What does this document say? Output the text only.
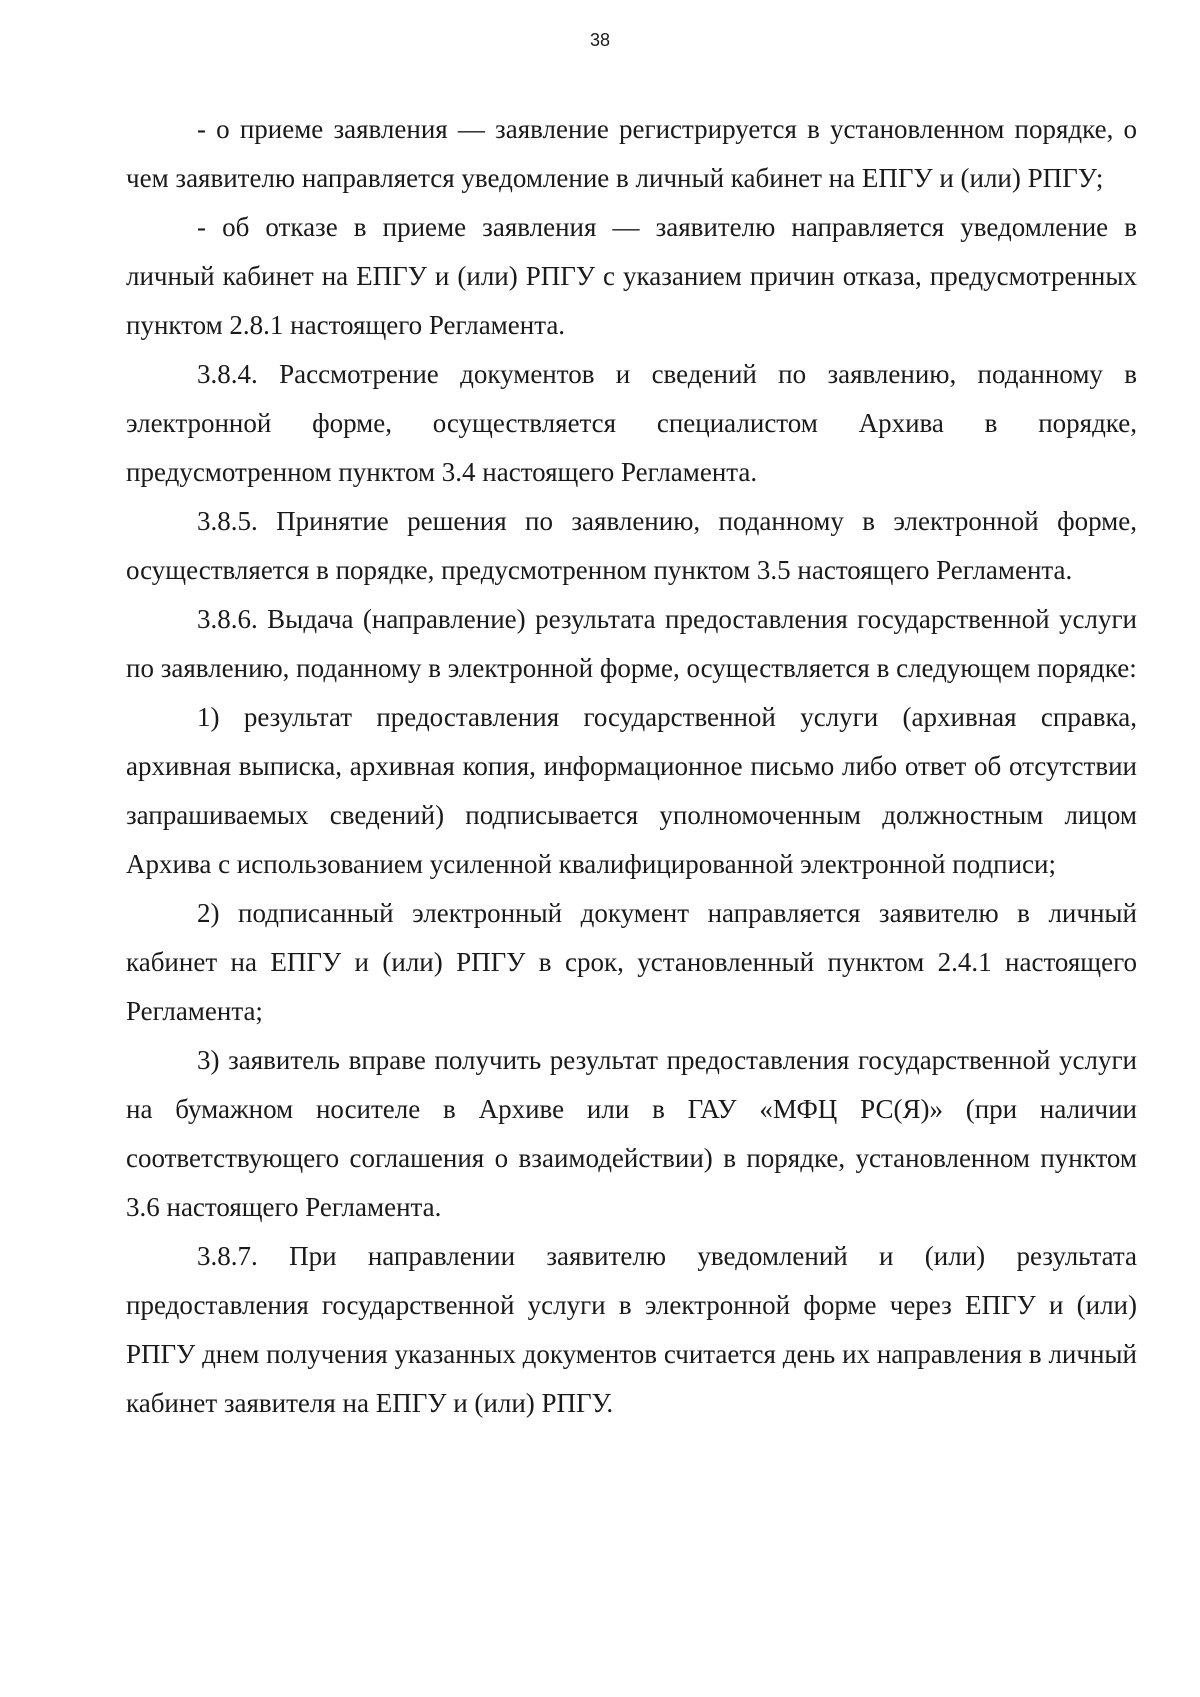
38

- о приеме заявления — заявление регистрируется в установленном порядке, о чем заявителю направляется уведомление в личный кабинет на ЕПГУ и (или) РПГУ;

- об отказе в приеме заявления — заявителю направляется уведомление в личный кабинет на ЕПГУ и (или) РПГУ с указанием причин отказа, предусмотренных пунктом 2.8.1 настоящего Регламента.

3.8.4. Рассмотрение документов и сведений по заявлению, поданному в электронной форме, осуществляется специалистом Архива в порядке, предусмотренном пунктом 3.4 настоящего Регламента.

3.8.5. Принятие решения по заявлению, поданному в электронной форме, осуществляется в порядке, предусмотренном пунктом 3.5 настоящего Регламента.

3.8.6. Выдача (направление) результата предоставления государственной услуги по заявлению, поданному в электронной форме, осуществляется в следующем порядке:

1) результат предоставления государственной услуги (архивная справка, архивная выписка, архивная копия, информационное письмо либо ответ об отсутствии запрашиваемых сведений) подписывается уполномоченным должностным лицом Архива с использованием усиленной квалифицированной электронной подписи;

2) подписанный электронный документ направляется заявителю в личный кабинет на ЕПГУ и (или) РПГУ в срок, установленный пунктом 2.4.1 настоящего Регламента;

3) заявитель вправе получить результат предоставления государственной услуги на бумажном носителе в Архиве или в ГАУ «МФЦ РС(Я)» (при наличии соответствующего соглашения о взаимодействии) в порядке, установленном пунктом 3.6 настоящего Регламента.

3.8.7. При направлении заявителю уведомлений и (или) результата предоставления государственной услуги в электронной форме через ЕПГУ и (или) РПГУ днем получения указанных документов считается день их направления в личный кабинет заявителя на ЕПГУ и (или) РПГУ.
